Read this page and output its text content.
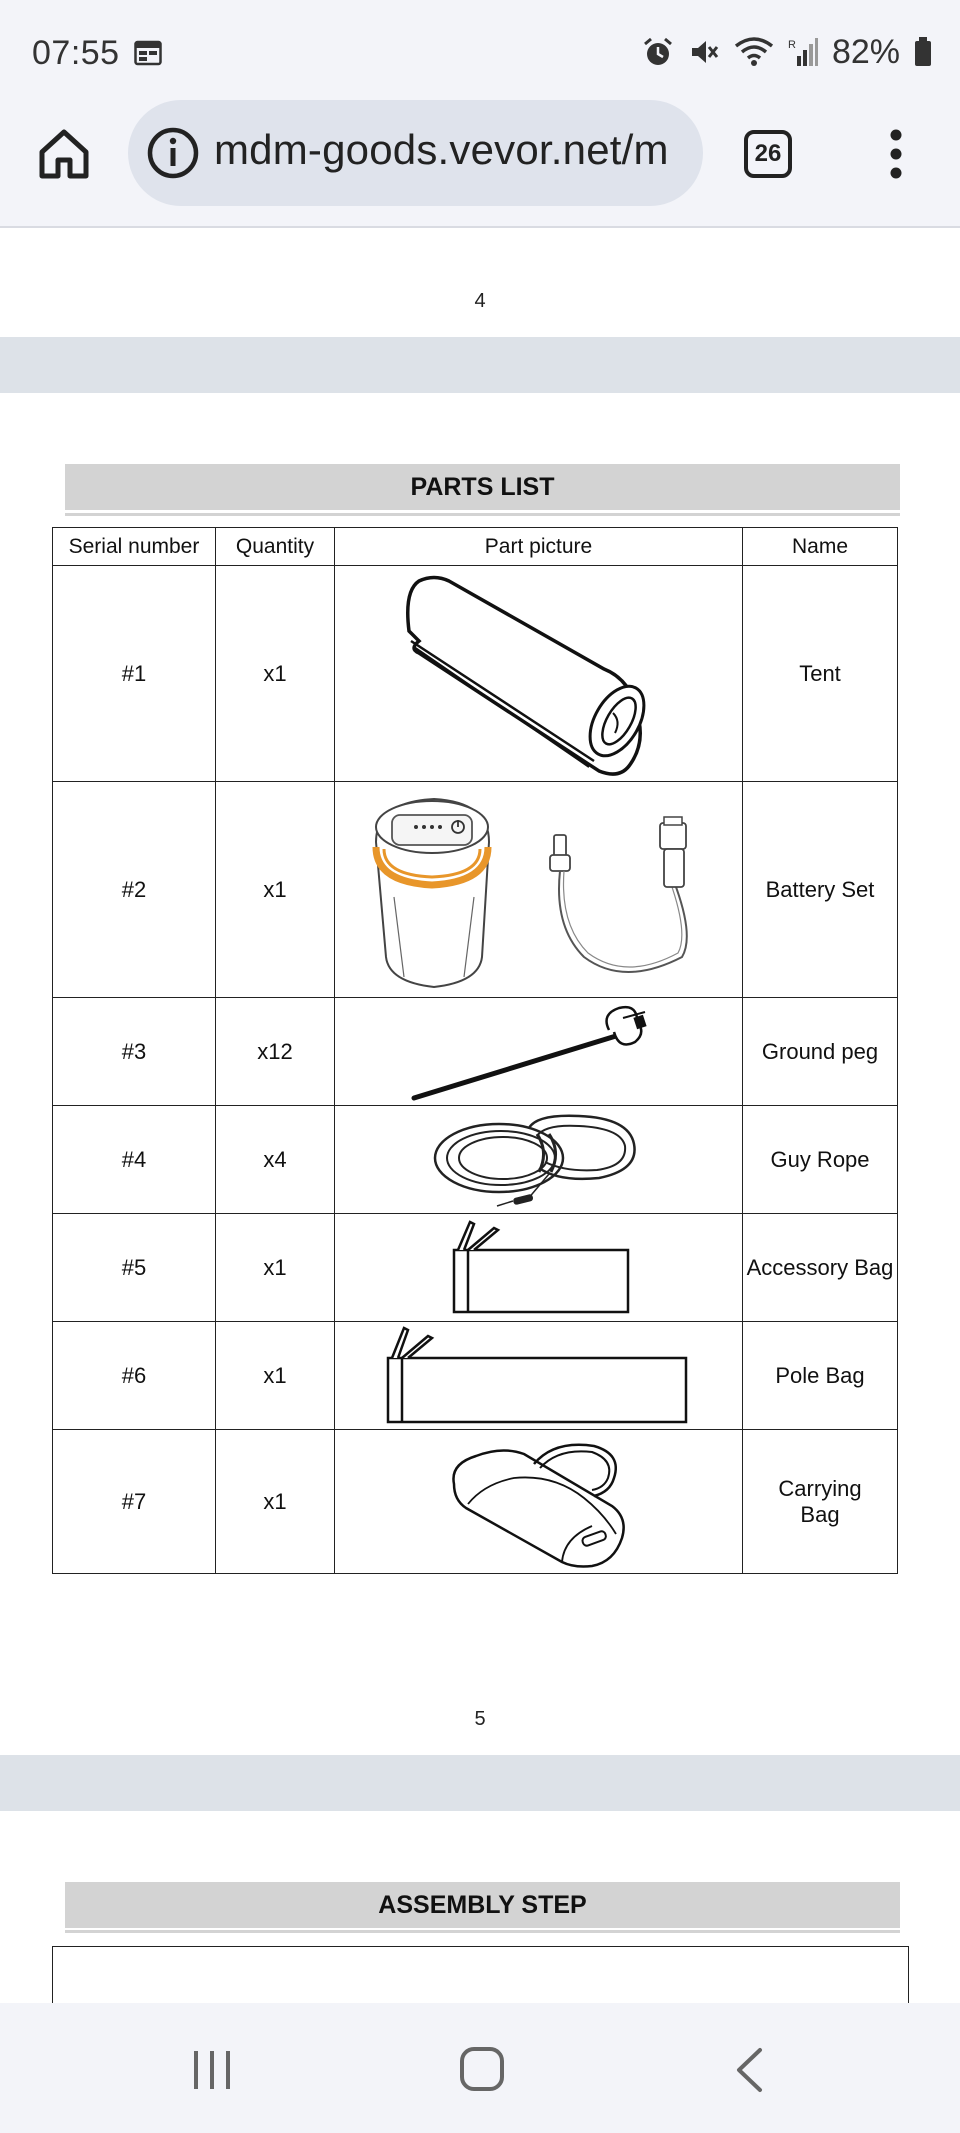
07:55	R 82%
mdm-goods.vevor.net/m	26
4
PARTS LIST
Serial number	Quantity	Part picture	Name
#1	x1		Tent
#2	x1		Battery Set
#3	x12		Ground peg
#4	x4		Guy Rope
#5	x1		Accessory Bag
#6	x1		Pole Bag
#7	x1		Carrying Bag
5
ASSEMBLY STEP
